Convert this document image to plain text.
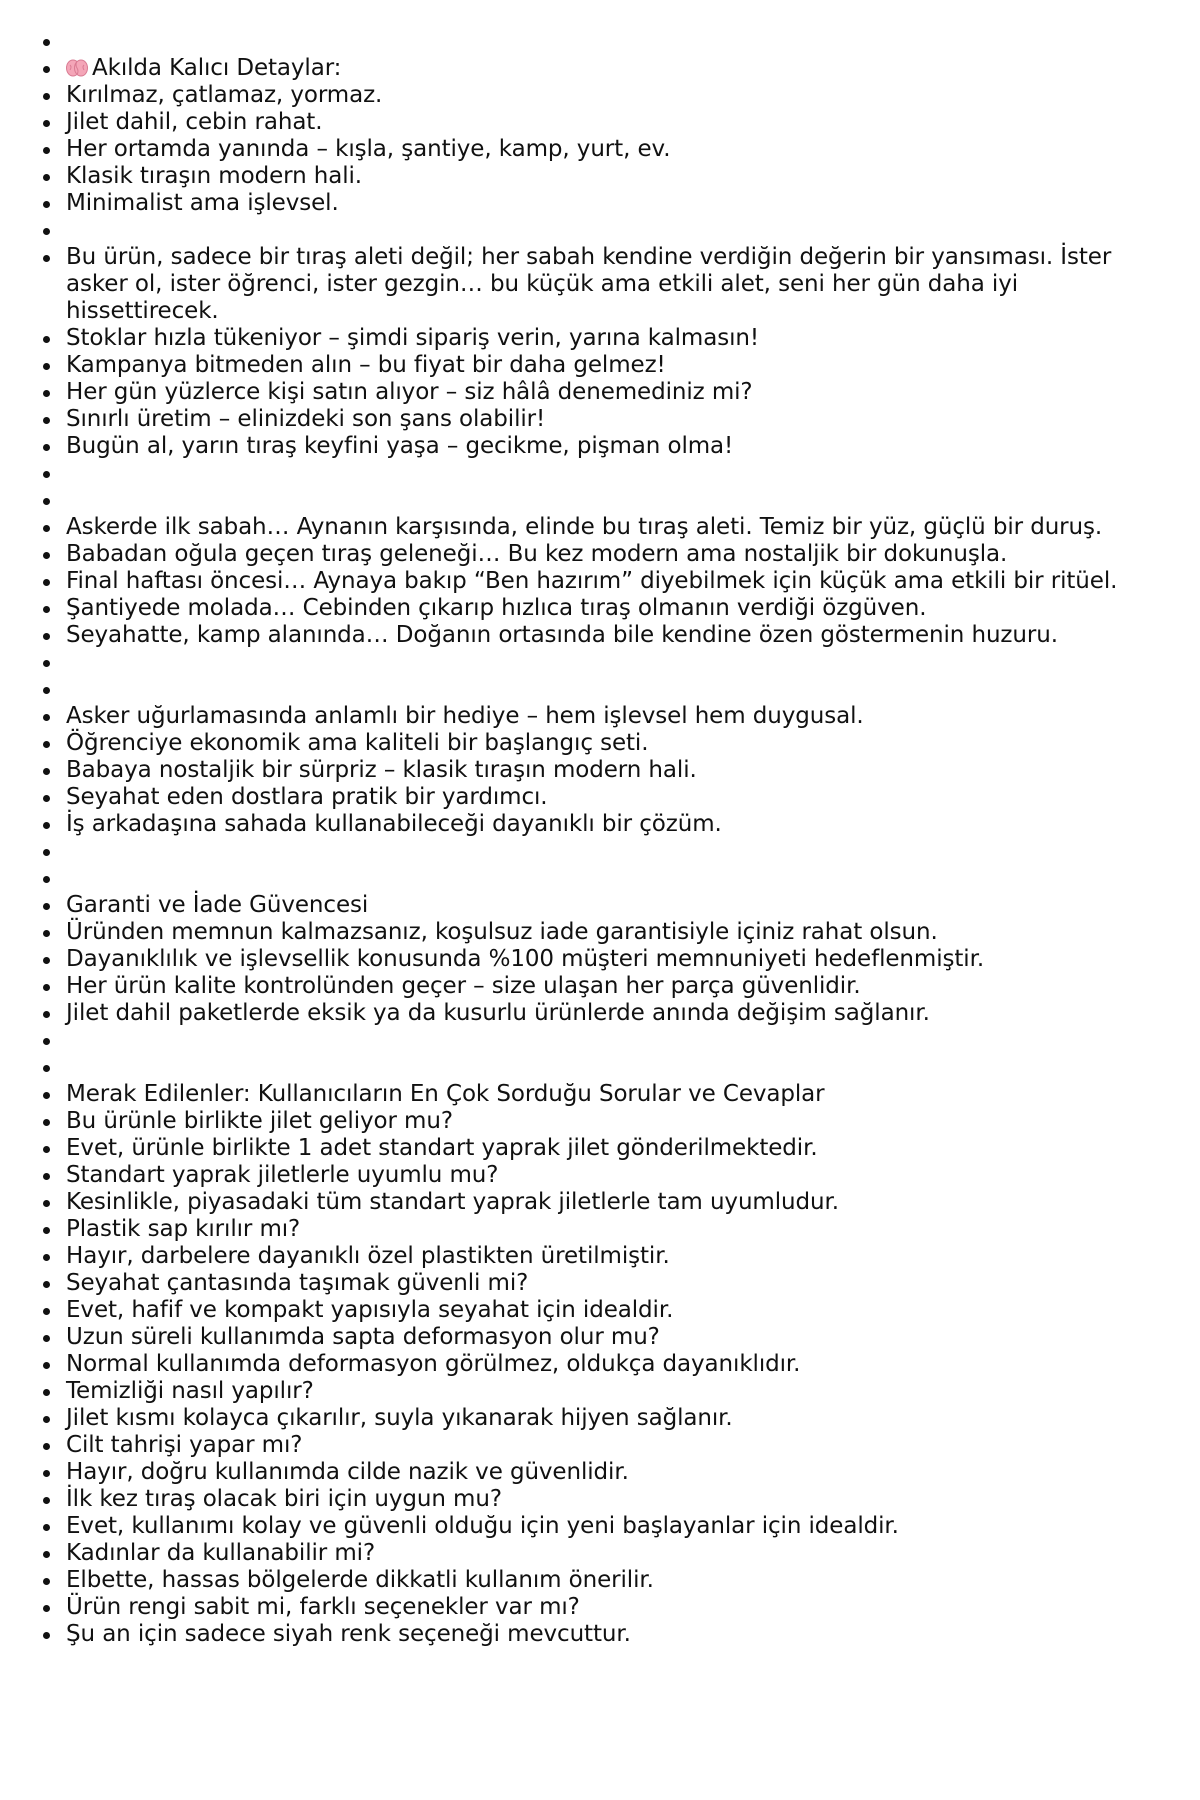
Akılda Kalıcı Detaylar:
Kırılmaz, çatlamaz, yormaz.
Jilet dahil, cebin rahat.
Her ortamda yanında – kışla, şantiye, kamp, yurt, ev.
Klasik tıraşın modern hali.
Minimalist ama işlevsel.
Bu ürün, sadece bir tıraş aleti değil; her sabah kendine verdiğin değerin bir yansıması. İster asker ol, ister öğrenci, ister gezgin… bu küçük ama etkili alet, seni her gün daha iyi hissettirecek.
Stoklar hızla tükeniyor – şimdi sipariş verin, yarına kalmasın!
Kampanya bitmeden alın – bu fiyat bir daha gelmez!
Her gün yüzlerce kişi satın alıyor – siz hâlâ denemediniz mi?
Sınırlı üretim – elinizdeki son şans olabilir!
Bugün al, yarın tıraş keyfini yaşa – gecikme, pişman olma!
Askerde ilk sabah… Aynanın karşısında, elinde bu tıraş aleti. Temiz bir yüz, güçlü bir duruş.
Babadan oğula geçen tıraş geleneği… Bu kez modern ama nostaljik bir dokunuşla.
Final haftası öncesi… Aynaya bakıp “Ben hazırım” diyebilmek için küçük ama etkili bir ritüel.
Şantiyede molada… Cebinden çıkarıp hızlıca tıraş olmanın verdiği özgüven.
Seyahatte, kamp alanında… Doğanın ortasında bile kendine özen göstermenin huzuru.
Asker uğurlamasında anlamlı bir hediye – hem işlevsel hem duygusal.
Öğrenciye ekonomik ama kaliteli bir başlangıç seti.
Babaya nostaljik bir sürpriz – klasik tıraşın modern hali.
Seyahat eden dostlara pratik bir yardımcı.
İş arkadaşına sahada kullanabileceği dayanıklı bir çözüm.
Garanti ve İade Güvencesi
Üründen memnun kalmazsanız, koşulsuz iade garantisiyle içiniz rahat olsun.
Dayanıklılık ve işlevsellik konusunda %100 müşteri memnuniyeti hedeflenmiştir.
Her ürün kalite kontrolünden geçer – size ulaşan her parça güvenlidir.
Jilet dahil paketlerde eksik ya da kusurlu ürünlerde anında değişim sağlanır.
Merak Edilenler: Kullanıcıların En Çok Sorduğu Sorular ve Cevaplar
Bu ürünle birlikte jilet geliyor mu?
Evet, ürünle birlikte 1 adet standart yaprak jilet gönderilmektedir.
Standart yaprak jiletlerle uyumlu mu?
Kesinlikle, piyasadaki tüm standart yaprak jiletlerle tam uyumludur.
Plastik sap kırılır mı?
Hayır, darbelere dayanıklı özel plastikten üretilmiştir.
Seyahat çantasında taşımak güvenli mi?
Evet, hafif ve kompakt yapısıyla seyahat için idealdir.
Uzun süreli kullanımda sapta deformasyon olur mu?
Normal kullanımda deformasyon görülmez, oldukça dayanıklıdır.
Temizliği nasıl yapılır?
Jilet kısmı kolayca çıkarılır, suyla yıkanarak hijyen sağlanır.
Cilt tahrişi yapar mı?
Hayır, doğru kullanımda cilde nazik ve güvenlidir.
İlk kez tıraş olacak biri için uygun mu?
Evet, kullanımı kolay ve güvenli olduğu için yeni başlayanlar için idealdir.
Kadınlar da kullanabilir mi?
Elbette, hassas bölgelerde dikkatli kullanım önerilir.
Ürün rengi sabit mi, farklı seçenekler var mı?
Şu an için sadece siyah renk seçeneği mevcuttur.
